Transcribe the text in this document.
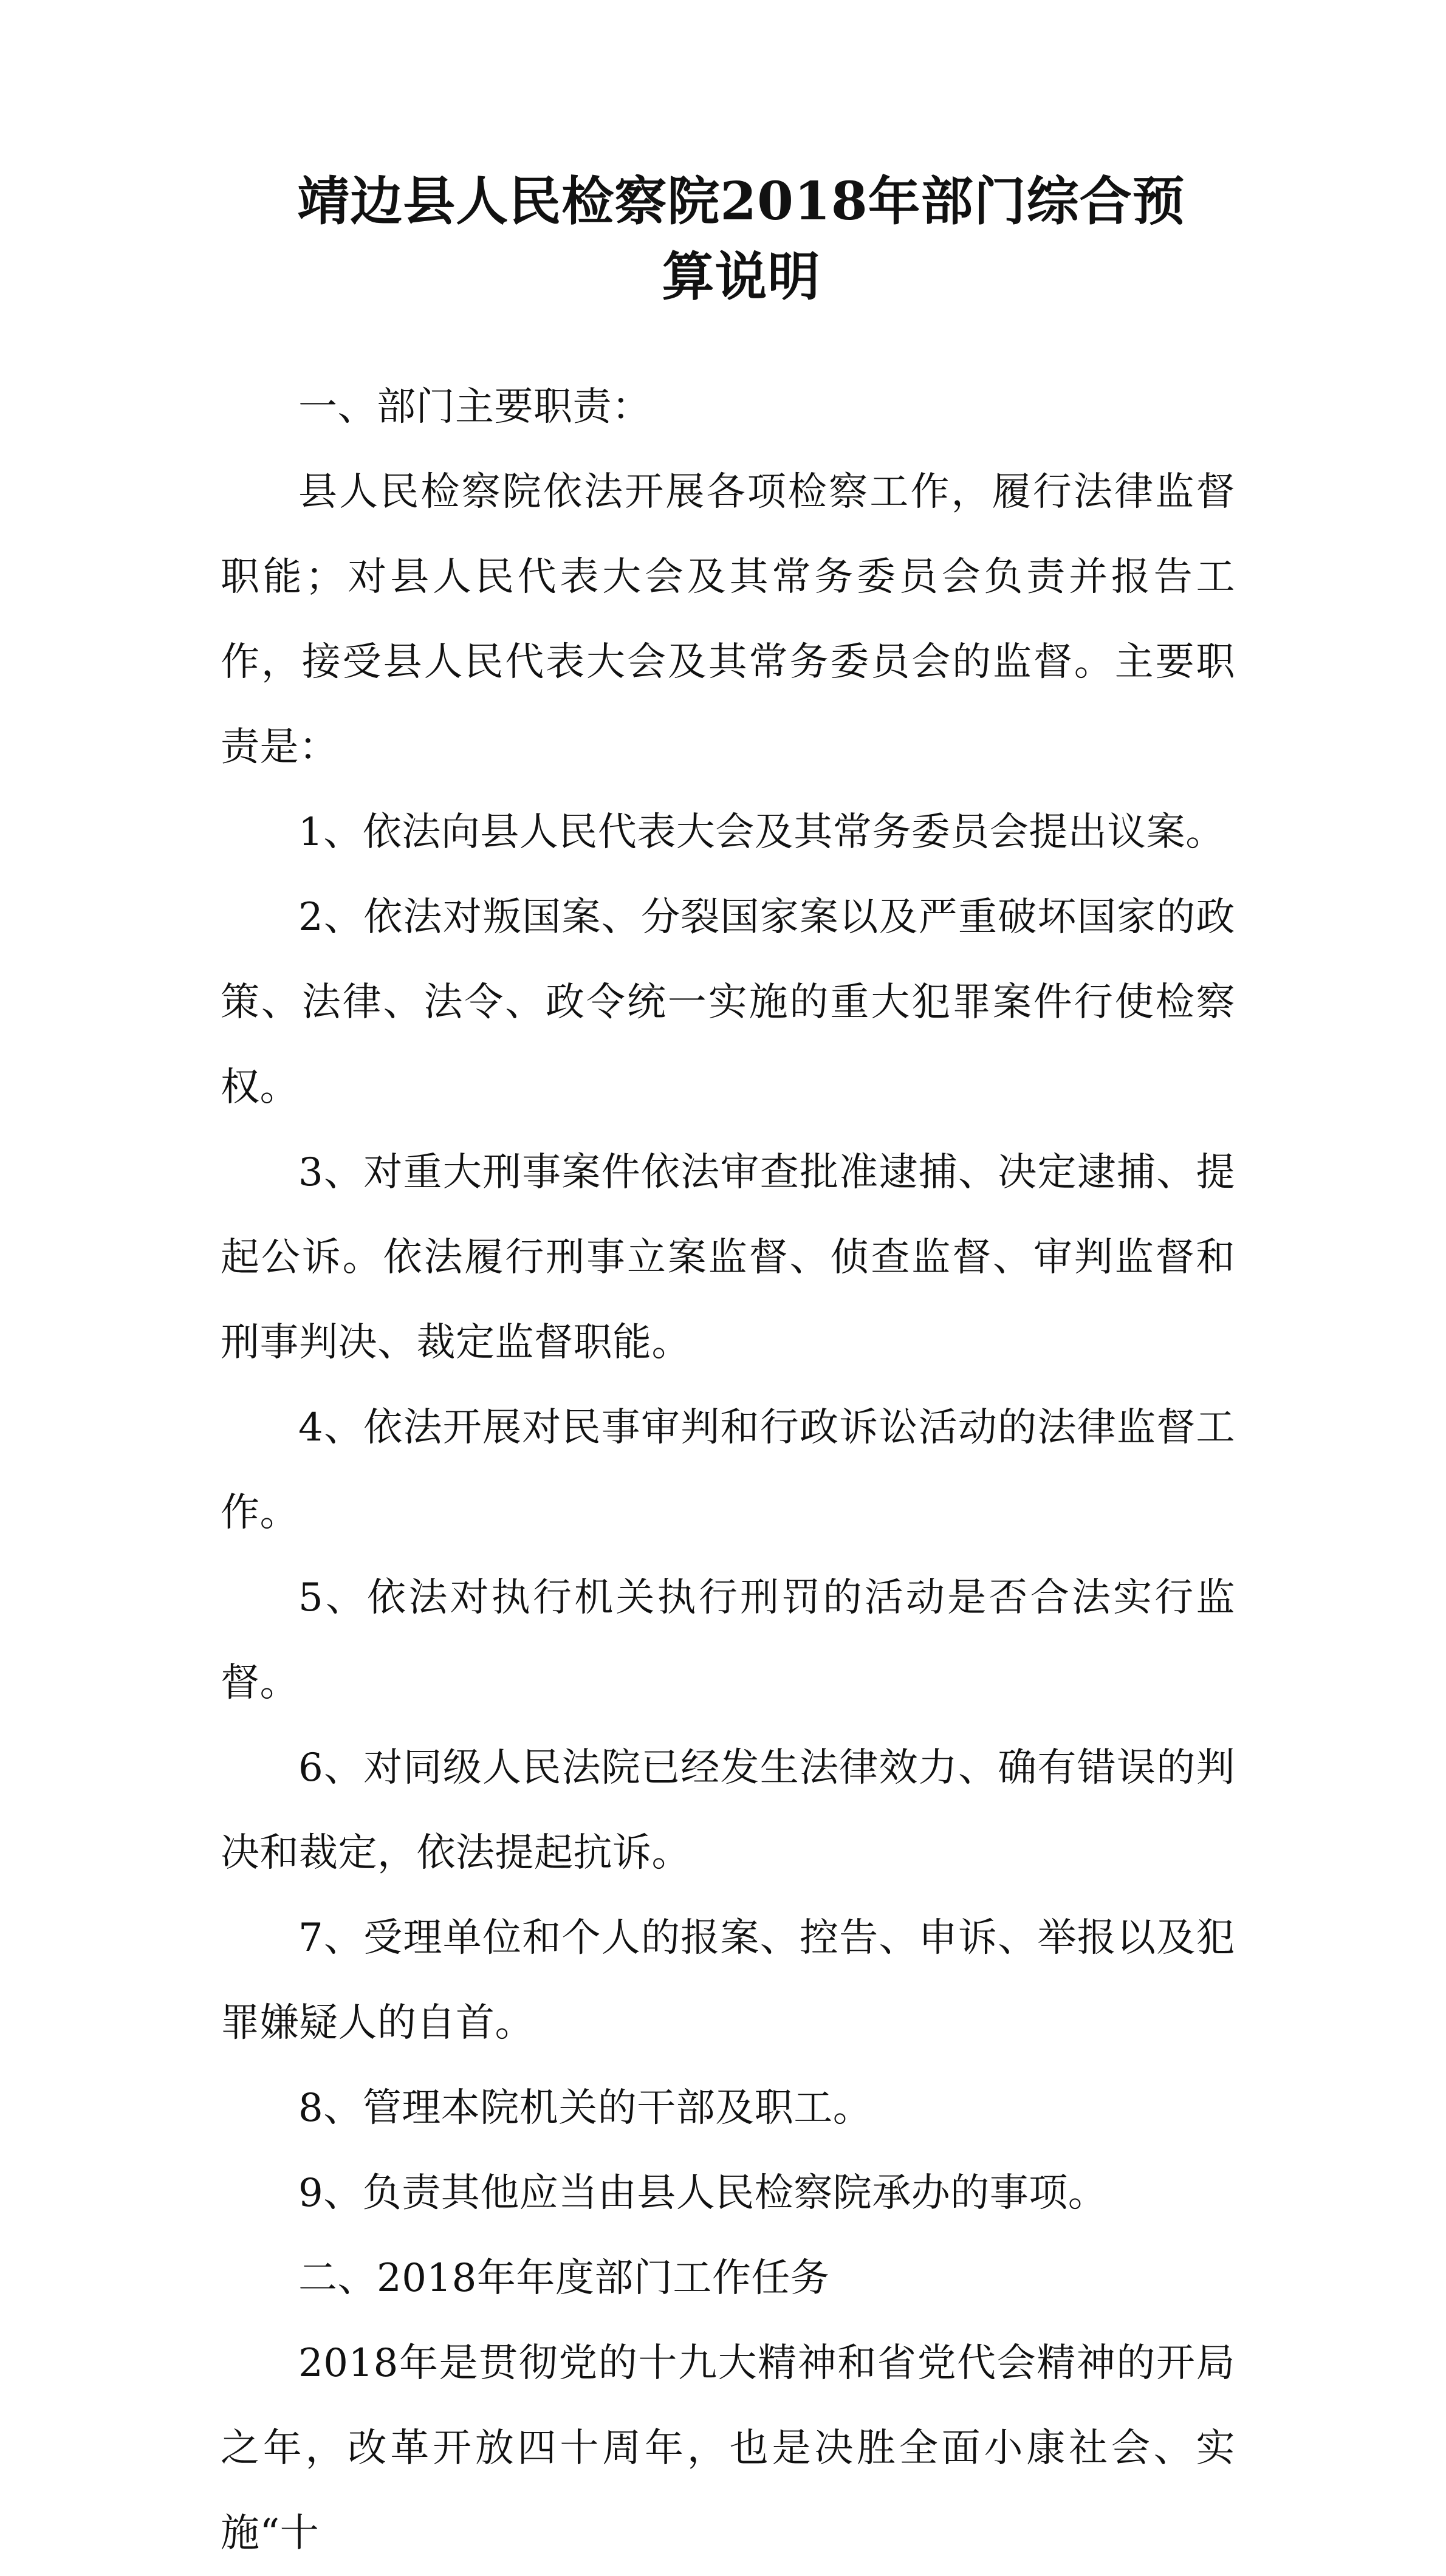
靖边县人民检察院2018年部门综合预
算说明

一、部门主要职责：

县人民检察院依法开展各项检察工作，履行法律监督职能；对县人民代表大会及其常务委员会负责并报告工作，接受县人民代表大会及其常务委员会的监督。主要职责是：

1、依法向县人民代表大会及其常务委员会提出议案。

2、依法对叛国案、分裂国家案以及严重破坏国家的政策、法律、法令、政令统一实施的重大犯罪案件行使检察权。

3、对重大刑事案件依法审查批准逮捕、决定逮捕、提起公诉。依法履行刑事立案监督、侦查监督、审判监督和刑事判决、裁定监督职能。

4、依法开展对民事审判和行政诉讼活动的法律监督工作。

5、依法对执行机关执行刑罚的活动是否合法实行监督。

6、对同级人民法院已经发生法律效力、确有错误的判决和裁定，依法提起抗诉。

7、受理单位和个人的报案、控告、申诉、举报以及犯罪嫌疑人的自首。

8、管理本院机关的干部及职工。

9、负责其他应当由县人民检察院承办的事项。

二、2018年年度部门工作任务

2018年是贯彻党的十九大精神和省党代会精神的开局之年，改革开放四十周年，也是决胜全面小康社会、实施“十
